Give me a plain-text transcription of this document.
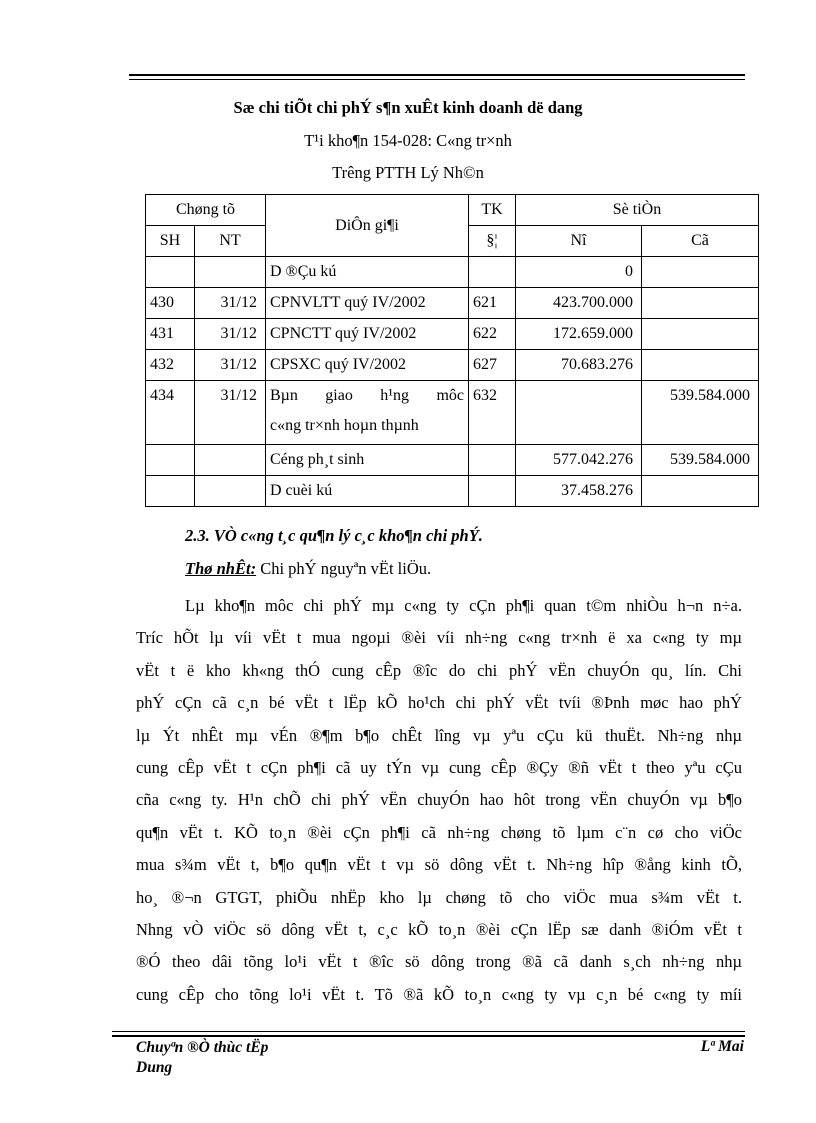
Sæ chi tiÕt chi phÝ s¶n xuÊt kinh doanh dë dang
T¹i kho¶n 154-028: C«ng tr×nh
Trêng PTTH Lý Nh©n
Chøng tõ		DiÔn gi¶i	TK	Sè tiÒn	
SH	NT		§¦	Nî	Cã
		D ®Çu kú		0	
430	31/12	CPNVLTT quý IV/2002	621	423.700.000	
431	31/12	CPNCTT quý IV/2002	622	172.659.000	
432	31/12	CPSXC quý IV/2002	627	70.683.276	
434	31/12	Bµn giao h¹ng môc
c«ng tr×nh hoµn thµnh	632		539.584.000
		Céng ph¸t sinh		577.042.276	539.584.000
		D cuèi kú		37.458.276	
2.3. VÒ c«ng t¸c qu¶n lý c¸c kho¶n chi phÝ.
Thø nhÊt: Chi phÝ nguyªn vËt liÖu.
Lµ kho¶n môc chi phÝ mµ c«ng ty cÇn ph¶i quan t©m nhiÒu h¬n n÷a.
Tríc hÕt lµ víi vËt t mua ngoµi ®èi víi nh÷ng c«ng tr×nh ë xa c«ng ty mµ
vËt t ë kho kh«ng thÓ cung cÊp ®îc do chi phÝ vËn chuyÓn qu¸ lín. Chi
phÝ cÇn cã c¸n bé vËt t lËp kÕ ho¹ch chi phÝ vËt tvíi ®Þnh møc hao phÝ
lµ Ýt nhÊt mµ vÉn ®¶m b¶o chÊt lîng vµ yªu cÇu kü thuËt. Nh÷ng nhµ
cung cÊp vËt t cÇn ph¶i cã uy tÝn vµ cung cÊp ®Çy ®ñ vËt t theo yªu cÇu
cña c«ng ty. H¹n chÕ chi phÝ vËn chuyÓn hao hôt trong vËn chuyÓn vµ b¶o
qu¶n vËt t. KÕ to¸n ®èi cÇn ph¶i cã nh÷ng chøng tõ lµm c¨n cø cho viÖc
mua s¾m vËt t, b¶o qu¶n vËt t vµ sö dông vËt t. Nh÷ng hîp ®ång kinh tÕ,
ho¸ ®¬n GTGT, phiÕu nhËp kho lµ chøng tõ cho viÖc mua s¾m vËt t.
Nhng vÒ viÖc sö dông vËt t, c¸c kÕ to¸n ®èi cÇn lËp sæ danh ®iÓm vËt t
®Ó theo dâi tõng lo¹i vËt t ®îc sö dông trong ®ã cã danh s¸ch nh÷ng nhµ
cung cÊp cho tõng lo¹i vËt t. Tõ ®ã kÕ to¸n c«ng ty vµ c¸n bé c«ng ty míi
Chuyªn ®Ò thùc tËp
Dung
Lª Mai
